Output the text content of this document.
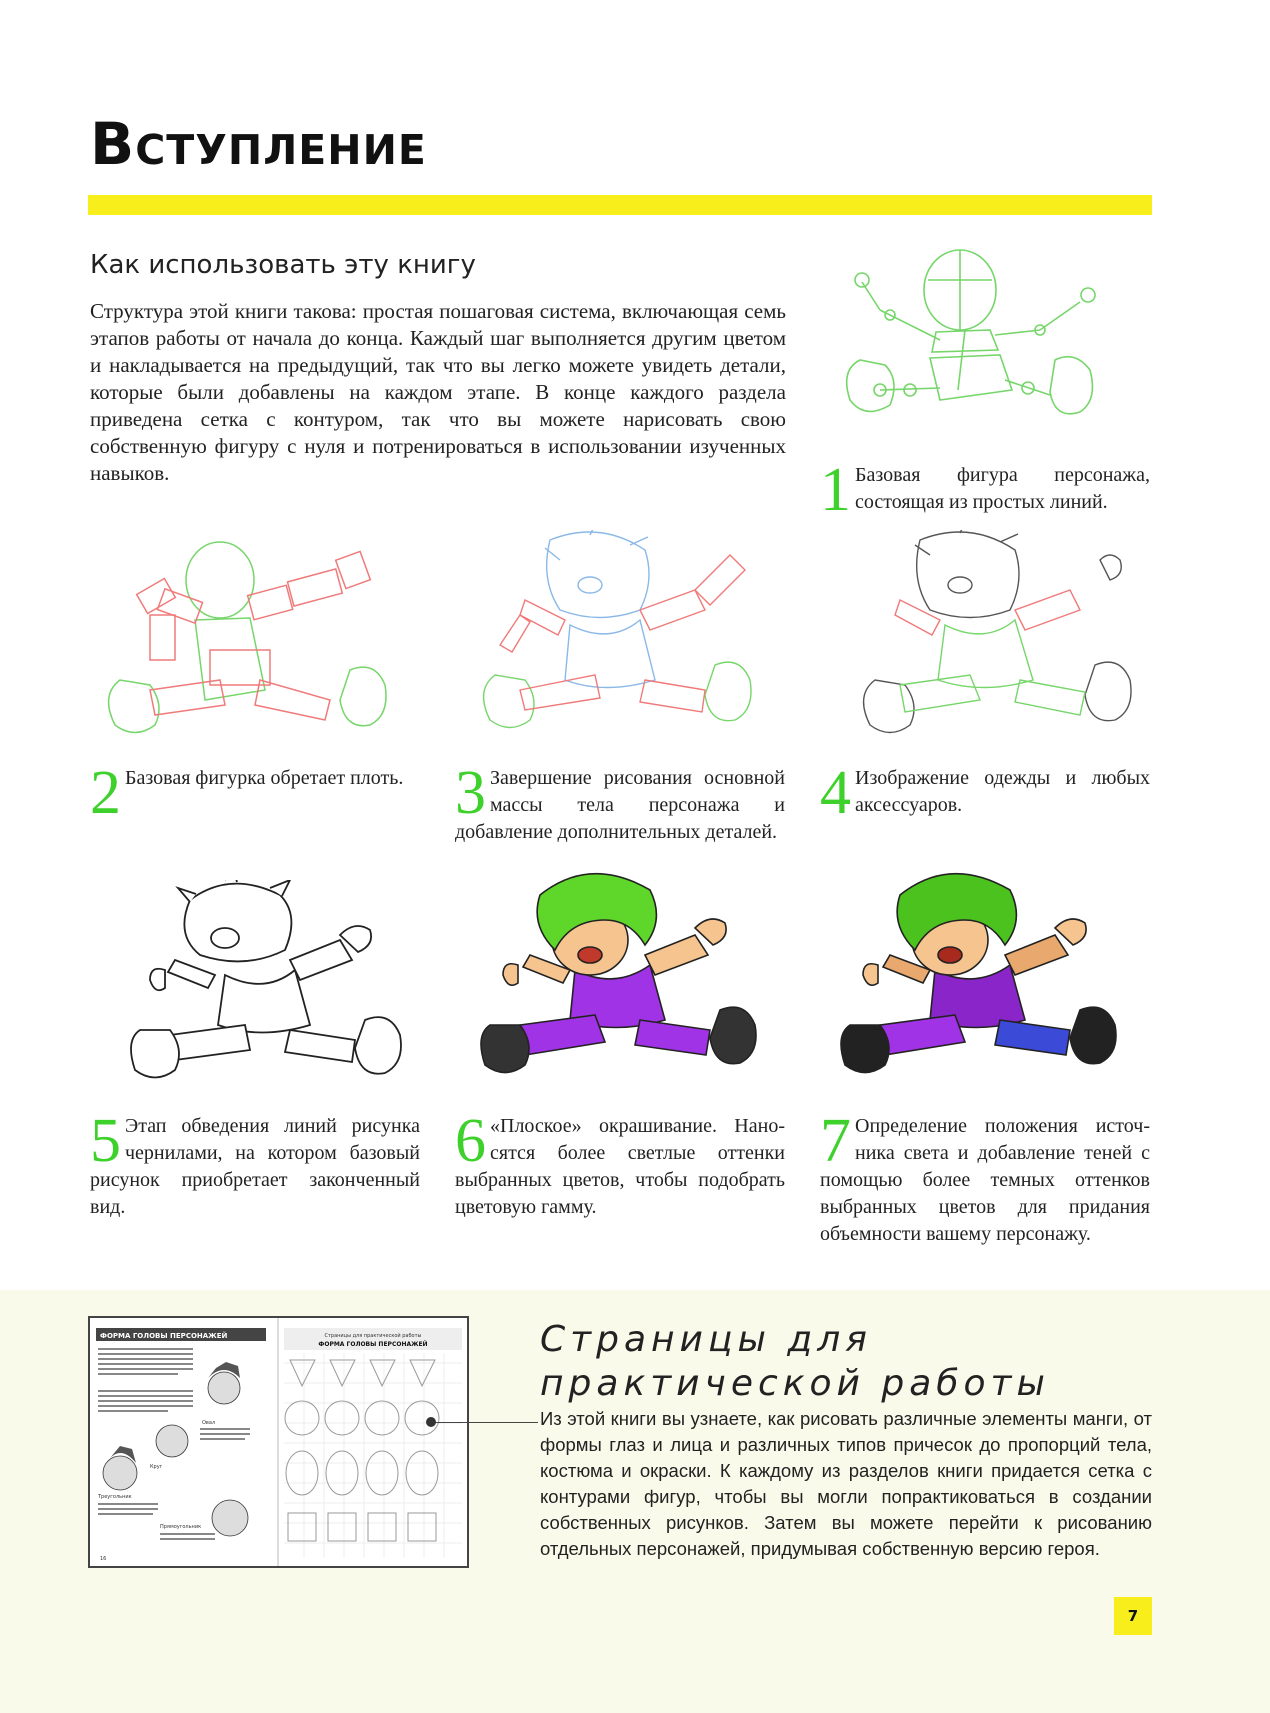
Вступление
Как использовать эту книгу

Структура этой книги такова: простая пошаговая система, включающая семь этапов работы от начала до конца. Каждый шаг выполняется другим цветом и накладывается на предыдущий, так что вы легко можете увидеть детали, которые были добавлены на каждом этапе. В конце каждого раздела приведена сетка с контуром, так что вы можете нарисовать свою собственную фигуру с нуля и потренироваться в использовании изученных навыков.	1 Базовая фигура персонажа, состоящая из простых линий.
2 Базовая фигурка обретает плоть. 3 Завершение рисования основной массы тела персонажа и добавление дополнительных деталей.
4 Изображение одежды и любых аксессуаров.
5 Этап обведения линий рисунка чернилами, на котором базовый рисунок приобретает законченный вид.
6 «Плоское» окрашивание. Наносятся более светлые оттенки выбранных цветов, чтобы подобрать цветовую гамму.
7 Определение положения источника света и добавление теней с помощью более темных оттенков выбранных цветов для придания объемности вашему персонажу.
ФОРМА ГОЛОВЫ ПЕРСОНАЖЕЙ
Овал
Круг
Треугольник
Прямоугольник
16
Страницы для практической работы
ФОРМА ГОЛОВЫ ПЕРСОНАЖЕЙ	Страницы для
практической работы

Из этой книги вы узнаете, как рисовать различные элементы манги, от формы глаз и лица и различных типов причесок до пропорций тела, костюма и окраски. К каждому из разделов книги придается сетка с контурами фигур, чтобы вы могли попрактиковаться в создании собственных рисунков. Затем вы можете перейти к рисованию отдельных персонажей, придумывая собственную версию героя.

7
